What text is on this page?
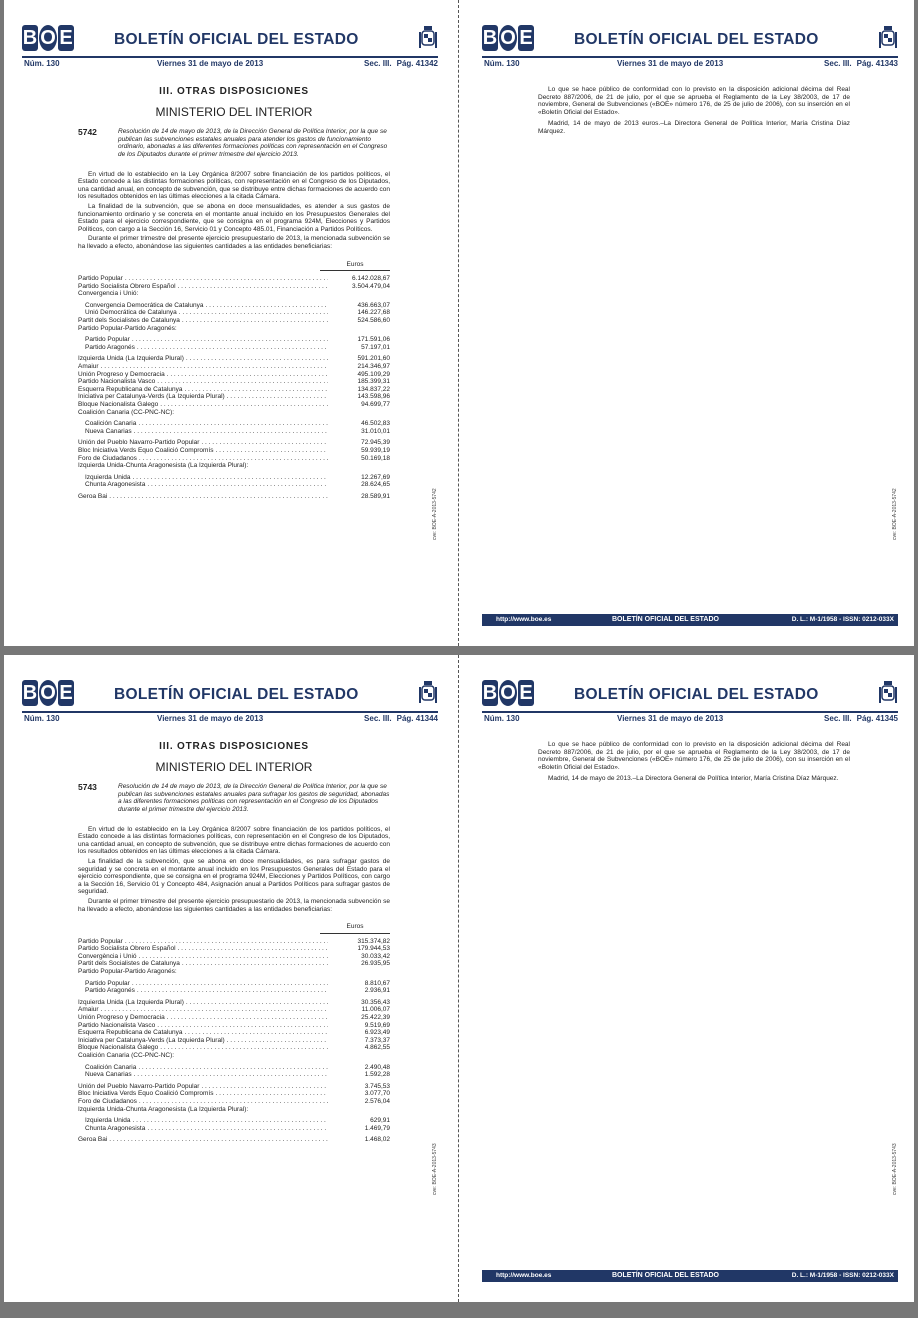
B O E	BOLETÍN OFICIAL DEL ESTADO
Núm. 130	Viernes 31 de mayo de 2013	Sec. III. Pág. 41342
III. OTRAS DISPOSICIONES
MINISTERIO DEL INTERIOR
5742	Resolución de 14 de mayo de 2013, de la Dirección General de Política Interior, por la que se publican las subvenciones estatales anuales para atender los gastos de funcionamiento ordinario, abonadas a las diferentes formaciones políticas con representación en el Congreso de los Diputados durante el primer trimestre del ejercicio 2013.
En virtud de lo establecido en la Ley Orgánica 8/2007 sobre financiación de los partidos políticos, el Estado concede a las distintas formaciones políticas, con representación en el Congreso de los Diputados, una cantidad anual, en concepto de subvención, que se distribuye entre dichas formaciones de acuerdo con los resultados obtenidos en las últimas elecciones a la citada Cámara.
La finalidad de la subvención, que se abona en doce mensualidades, es atender a sus gastos de funcionamiento ordinario y se concreta en el montante anual incluido en los Presupuestos Generales del Estado para el ejercicio correspondiente, que se consigna en el programa 924M, Elecciones y Partidos Políticos, con cargo a la Sección 16, Servicio 01 y Concepto 485.01, Financiación a Partidos Políticos.
Durante el primer trimestre del presente ejercicio presupuestario de 2013, la mencionada subvención se ha llevado a efecto, abonándose las siguientes cantidades a las entidades beneficiarias:
Euros
Partido Popular . . .	6.142.028,67
Partido Socialista Obrero Español . . .	3.504.479,04
Convergencia i Unió:
Convergencia Democrática de Catalunya . . .	436.663,07
Unió Democrática de Catalunya . . .	146.227,68
Partit dels Socialistes de Catalunya . . .	524.586,60
Partido Popular-Partido Aragonés:
Partido Popular . . .	171.591,06
Partido Aragonés . . .	57.197,01
Izquierda Unida (La Izquierda Plural) . . .	591.201,60
Amaiur . . .	214.346,97
Unión Progreso y Democracia . . .	495.109,29
Partido Nacionalista Vasco . . .	185.399,31
Esquerra Republicana de Catalunya . . .	134.837,22
Iniciativa per Catalunya-Verds (La Izquierda Plural) . . .	143.598,96
Bloque Nacionalista Galego . . .	94.699,77
Coalición Canaria (CC-PNC-NC):
Coalición Canaria . . .	46.502,83
Nueva Canarias . . .	31.010,01
Unión del Pueblo Navarro-Partido Popular . . .	72.945,39
Bloc Iniciativa Verds Equo Coalició Compromís . . .	59.939,19
Foro de Ciudadanos . . .	50.169,18
Izquierda Unida-Chunta Aragonesista (La Izquierda Plural):
Izquierda Unida . . .	12.267,69
Chunta Aragonesista . . .	28.624,65
Geroa Bai . . .	28.589,91	cve: BOE-A-2013-5742
B O E	BOLETÍN OFICIAL DEL ESTADO
Núm. 130	Viernes 31 de mayo de 2013	Sec. III. Pág. 41343

Lo que se hace público de conformidad con lo previsto en la disposición adicional décima del Real Decreto 887/2006, de 21 de julio, por el que se aprueba el Reglamento de la Ley 38/2003, de 17 de noviembre, General de Subvenciones («BOE» número 176, de 25 de julio de 2006), con su inserción en el «Boletín Oficial del Estado».

Madrid, 14 de mayo de 2013 euros.–La Directora General de Política Interior, María Cristina Díaz Márquez.

cve: BOE-A-2013-5742
http://www.boe.es	BOLETÍN OFICIAL DEL ESTADO	D. L.: M-1/1958 - ISSN: 0212-033X
B O E	BOLETÍN OFICIAL DEL ESTADO
Núm. 130	Viernes 31 de mayo de 2013	Sec. III. Pág. 41344
III. OTRAS DISPOSICIONES
MINISTERIO DEL INTERIOR
5743	Resolución de 14 de mayo de 2013, de la Dirección General de Política Interior, por la que se publican las subvenciones estatales anuales para sufragar los gastos de seguridad, abonadas a las diferentes formaciones políticas con representación en el Congreso de los Diputados durante el primer trimestre del ejercicio 2013.
En virtud de lo establecido en la Ley Orgánica 8/2007 sobre financiación de los partidos políticos, el Estado concede a las distintas formaciones políticas, con representación en el Congreso de los Diputados, una cantidad anual, en concepto de subvención, que se distribuye entre dichas formaciones de acuerdo con los resultados obtenidos en las últimas elecciones a la citada Cámara.
La finalidad de la subvención, que se abona en doce mensualidades, es para sufragar gastos de seguridad y se concreta en el montante anual incluido en los Presupuestos Generales del Estado para el ejercicio correspondiente, que se consigna en el programa 924M, Elecciones y Partidos Políticos, con cargo a la Sección 16, Servicio 01 y Concepto 484, Asignación anual a Partidos Políticos para sufragar gastos de seguridad.
Durante el primer trimestre del presente ejercicio presupuestario de 2013, la mencionada subvención se ha llevado a efecto, abonándose las siguientes cantidades a las entidades beneficiarias:
Euros
Partido Popular . . .	315.374,82
Partido Socialista Obrero Español . . .	179.944,53
Convergència i Unió . . .	30.033,42
Partit dels Socialistes de Catalunya . . .	26.935,95
Partido Popular-Partido Aragonés:
Partido Popular . . .	8.810,67
Partido Aragonés . . .	2.936,91
Izquierda Unida (La Izquierda Plural) . . .	30.356,43
Amaiur . . .	11.006,07
Unión Progreso y Democracia . . .	25.422,39
Partido Nacionalista Vasco . . .	9.519,69
Esquerra Republicana de Catalunya . . .	6.923,49
Iniciativa per Catalunya-Verds (La Izquierda Plural) . . .	7.373,37
Bloque Nacionalista Galego . . .	4.862,55
Coalición Canaria (CC-PNC-NC):
Coalición Canaria . . .	2.490,48
Nueva Canarias . . .	1.592,28
Unión del Pueblo Navarro-Partido Popular . . .	3.745,53
Bloc Iniciativa Verds Equo Coalició Compromís . . .	3.077,70
Foro de Ciudadanos . . .	2.576,04
Izquierda Unida-Chunta Aragonesista (La Izquierda Plural):
Izquierda Unida . . .	629,91
Chunta Aragonesista . . .	1.469,79
Geroa Bai . . .	1.468,02
cve: BOE-A-2013-5743
B O E	BOLETÍN OFICIAL DEL ESTADO
Núm. 130	Viernes 31 de mayo de 2013	Sec. III. Pág. 41345

Lo que se hace público de conformidad con lo previsto en la disposición adicional décima del Real Decreto 887/2006, de 21 de julio, por el que se aprueba el Reglamento de la Ley 38/2003, de 17 de noviembre, General de Subvenciones («BOE» número 176, de 25 de julio de 2006), con su inserción en el «Boletín Oficial del Estado».

Madrid, 14 de mayo de 2013.–La Directora General de Política Interior, María Cristina Díaz Márquez.

cve: BOE-A-2013-5743
http://www.boe.es	BOLETÍN OFICIAL DEL ESTADO	D. L.: M-1/1958 - ISSN: 0212-033X
